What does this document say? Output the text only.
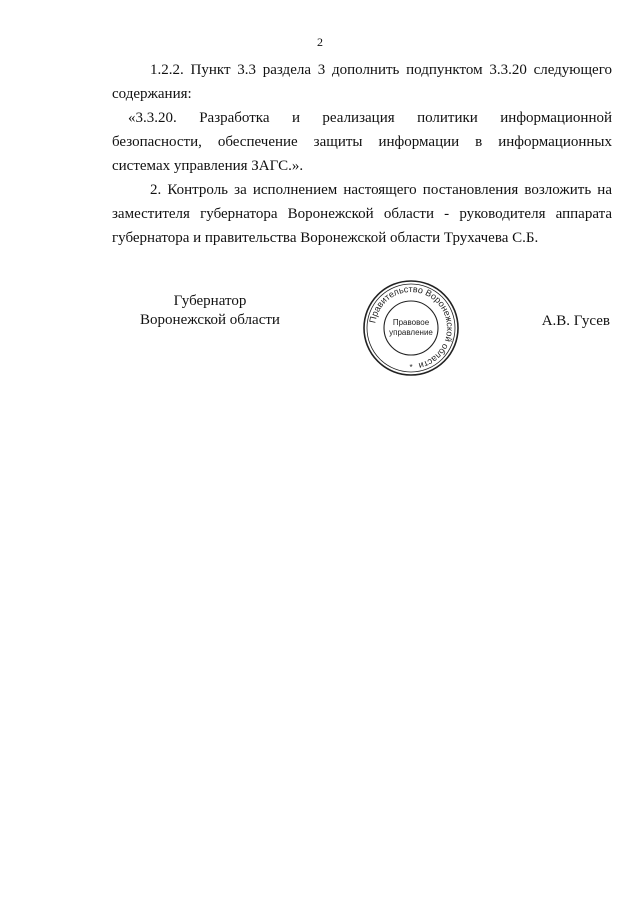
2

1.2.2. Пункт 3.3 раздела 3 дополнить подпунктом 3.3.20 следующего содержания:

«3.3.20. Разработка и реализация политики информационной безопасности, обеспечение защиты информации в информационных системах управления ЗАГС.».

2. Контроль за исполнением настоящего постановления возложить на заместителя губернатора Воронежской области - руководителя аппарата губернатора и правительства Воронежской области Трухачева С.Б.

Губернатор
Воронежской области	Правительство Воронежской области
Правовое
управление
*
А.В. Гусев
